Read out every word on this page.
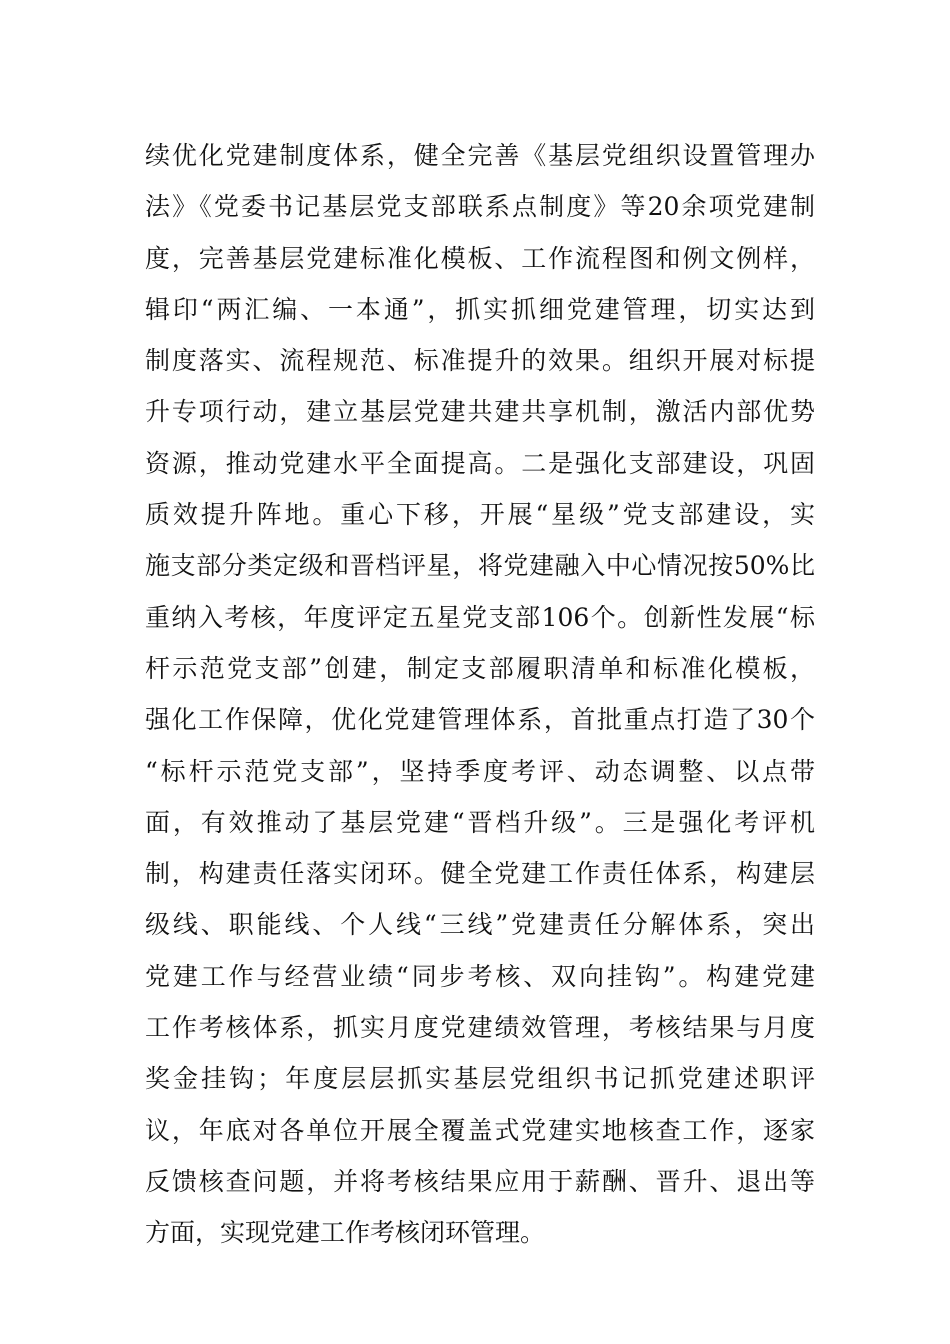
续优化党建制度体系，健全完善《基层党组织设置管理办
法》《党委书记基层党支部联系点制度》等20余项党建制
度，完善基层党建标准化模板、工作流程图和例文例样，
辑印“两汇编、一本通”，抓实抓细党建管理，切实达到
制度落实、流程规范、标准提升的效果。组织开展对标提
升专项行动，建立基层党建共建共享机制，激活内部优势
资源，推动党建水平全面提高。二是强化支部建设，巩固
质效提升阵地。重心下移，开展“星级”党支部建设，实
施支部分类定级和晋档评星，将党建融入中心情况按50%比
重纳入考核，年度评定五星党支部106个。创新性发展“标
杆示范党支部”创建，制定支部履职清单和标准化模板，
强化工作保障，优化党建管理体系，首批重点打造了30个
“标杆示范党支部”，坚持季度考评、动态调整、以点带
面，有效推动了基层党建“晋档升级”。三是强化考评机
制，构建责任落实闭环。健全党建工作责任体系，构建层
级线、职能线、个人线“三线”党建责任分解体系，突出
党建工作与经营业绩“同步考核、双向挂钩”。构建党建
工作考核体系，抓实月度党建绩效管理，考核结果与月度
奖金挂钩；年度层层抓实基层党组织书记抓党建述职评
议，年底对各单位开展全覆盖式党建实地核查工作，逐家
反馈核查问题，并将考核结果应用于薪酬、晋升、退出等
方面，实现党建工作考核闭环管理。
